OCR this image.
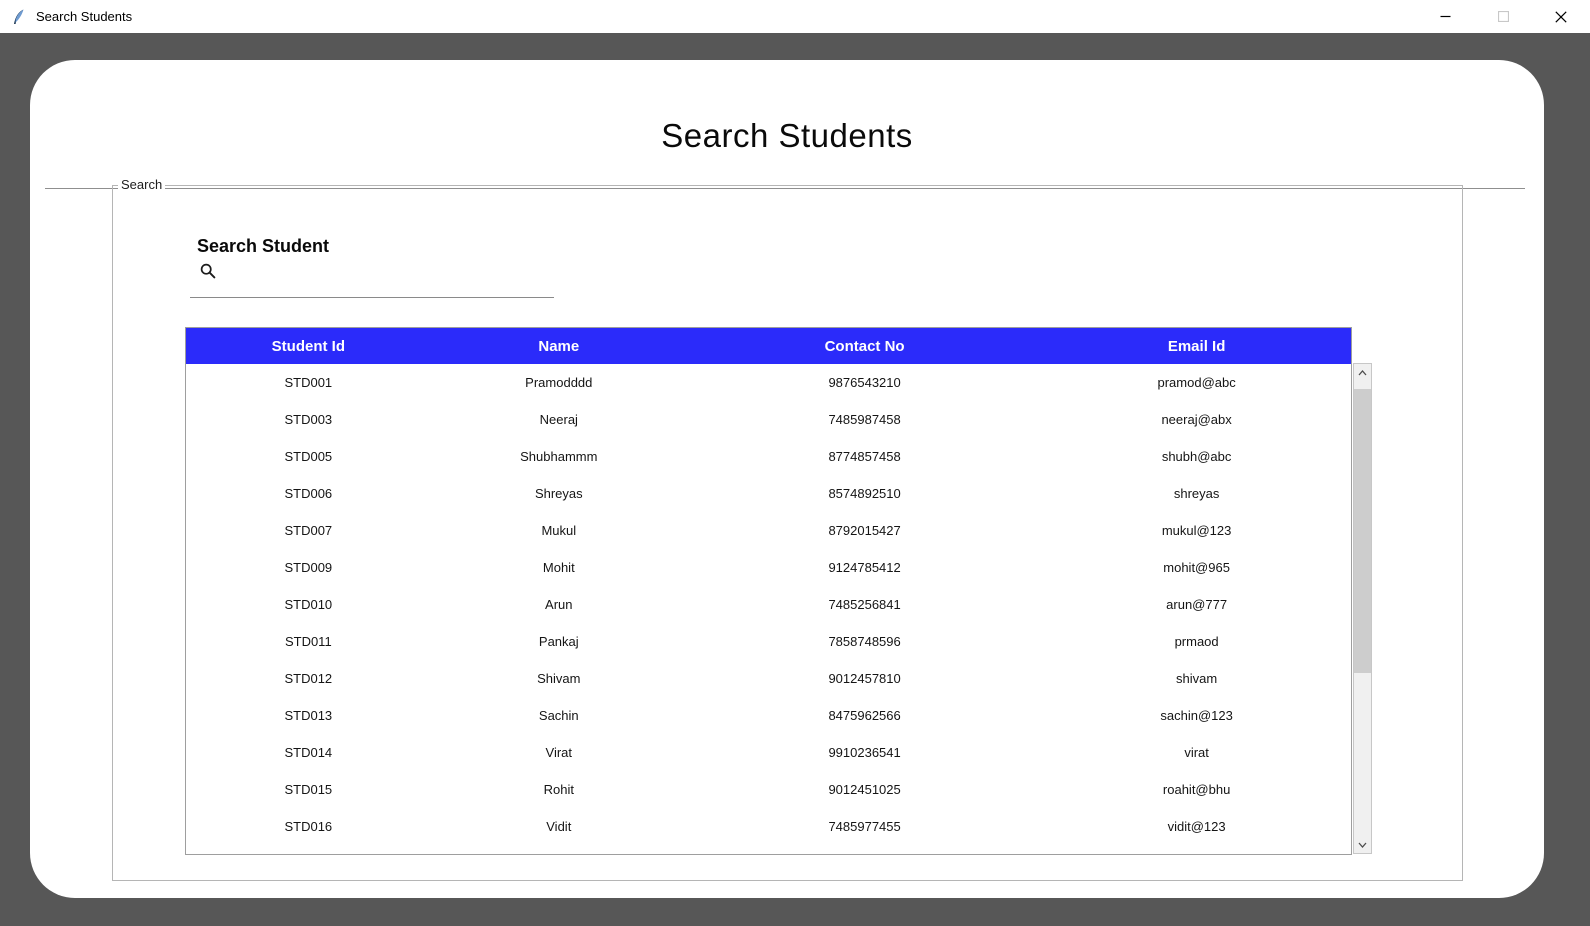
Search Students
Search Students
Search
Search Student
Student Id	Name	Contact No	Email Id
STD001	Pramodddd	9876543210	pramod@abc
STD003	Neeraj	7485987458	neeraj@abx
STD005	Shubhammm	8774857458	shubh@abc
STD006	Shreyas	8574892510	shreyas
STD007	Mukul	8792015427	mukul@123
STD009	Mohit	9124785412	mohit@965
STD010	Arun	7485256841	arun@777
STD011	Pankaj	7858748596	prmaod
STD012	Shivam	9012457810	shivam
STD013	Sachin	8475962566	sachin@123
STD014	Virat	9910236541	virat
STD015	Rohit	9012451025	roahit@bhu
STD016	Vidit	7485977455	vidit@123
